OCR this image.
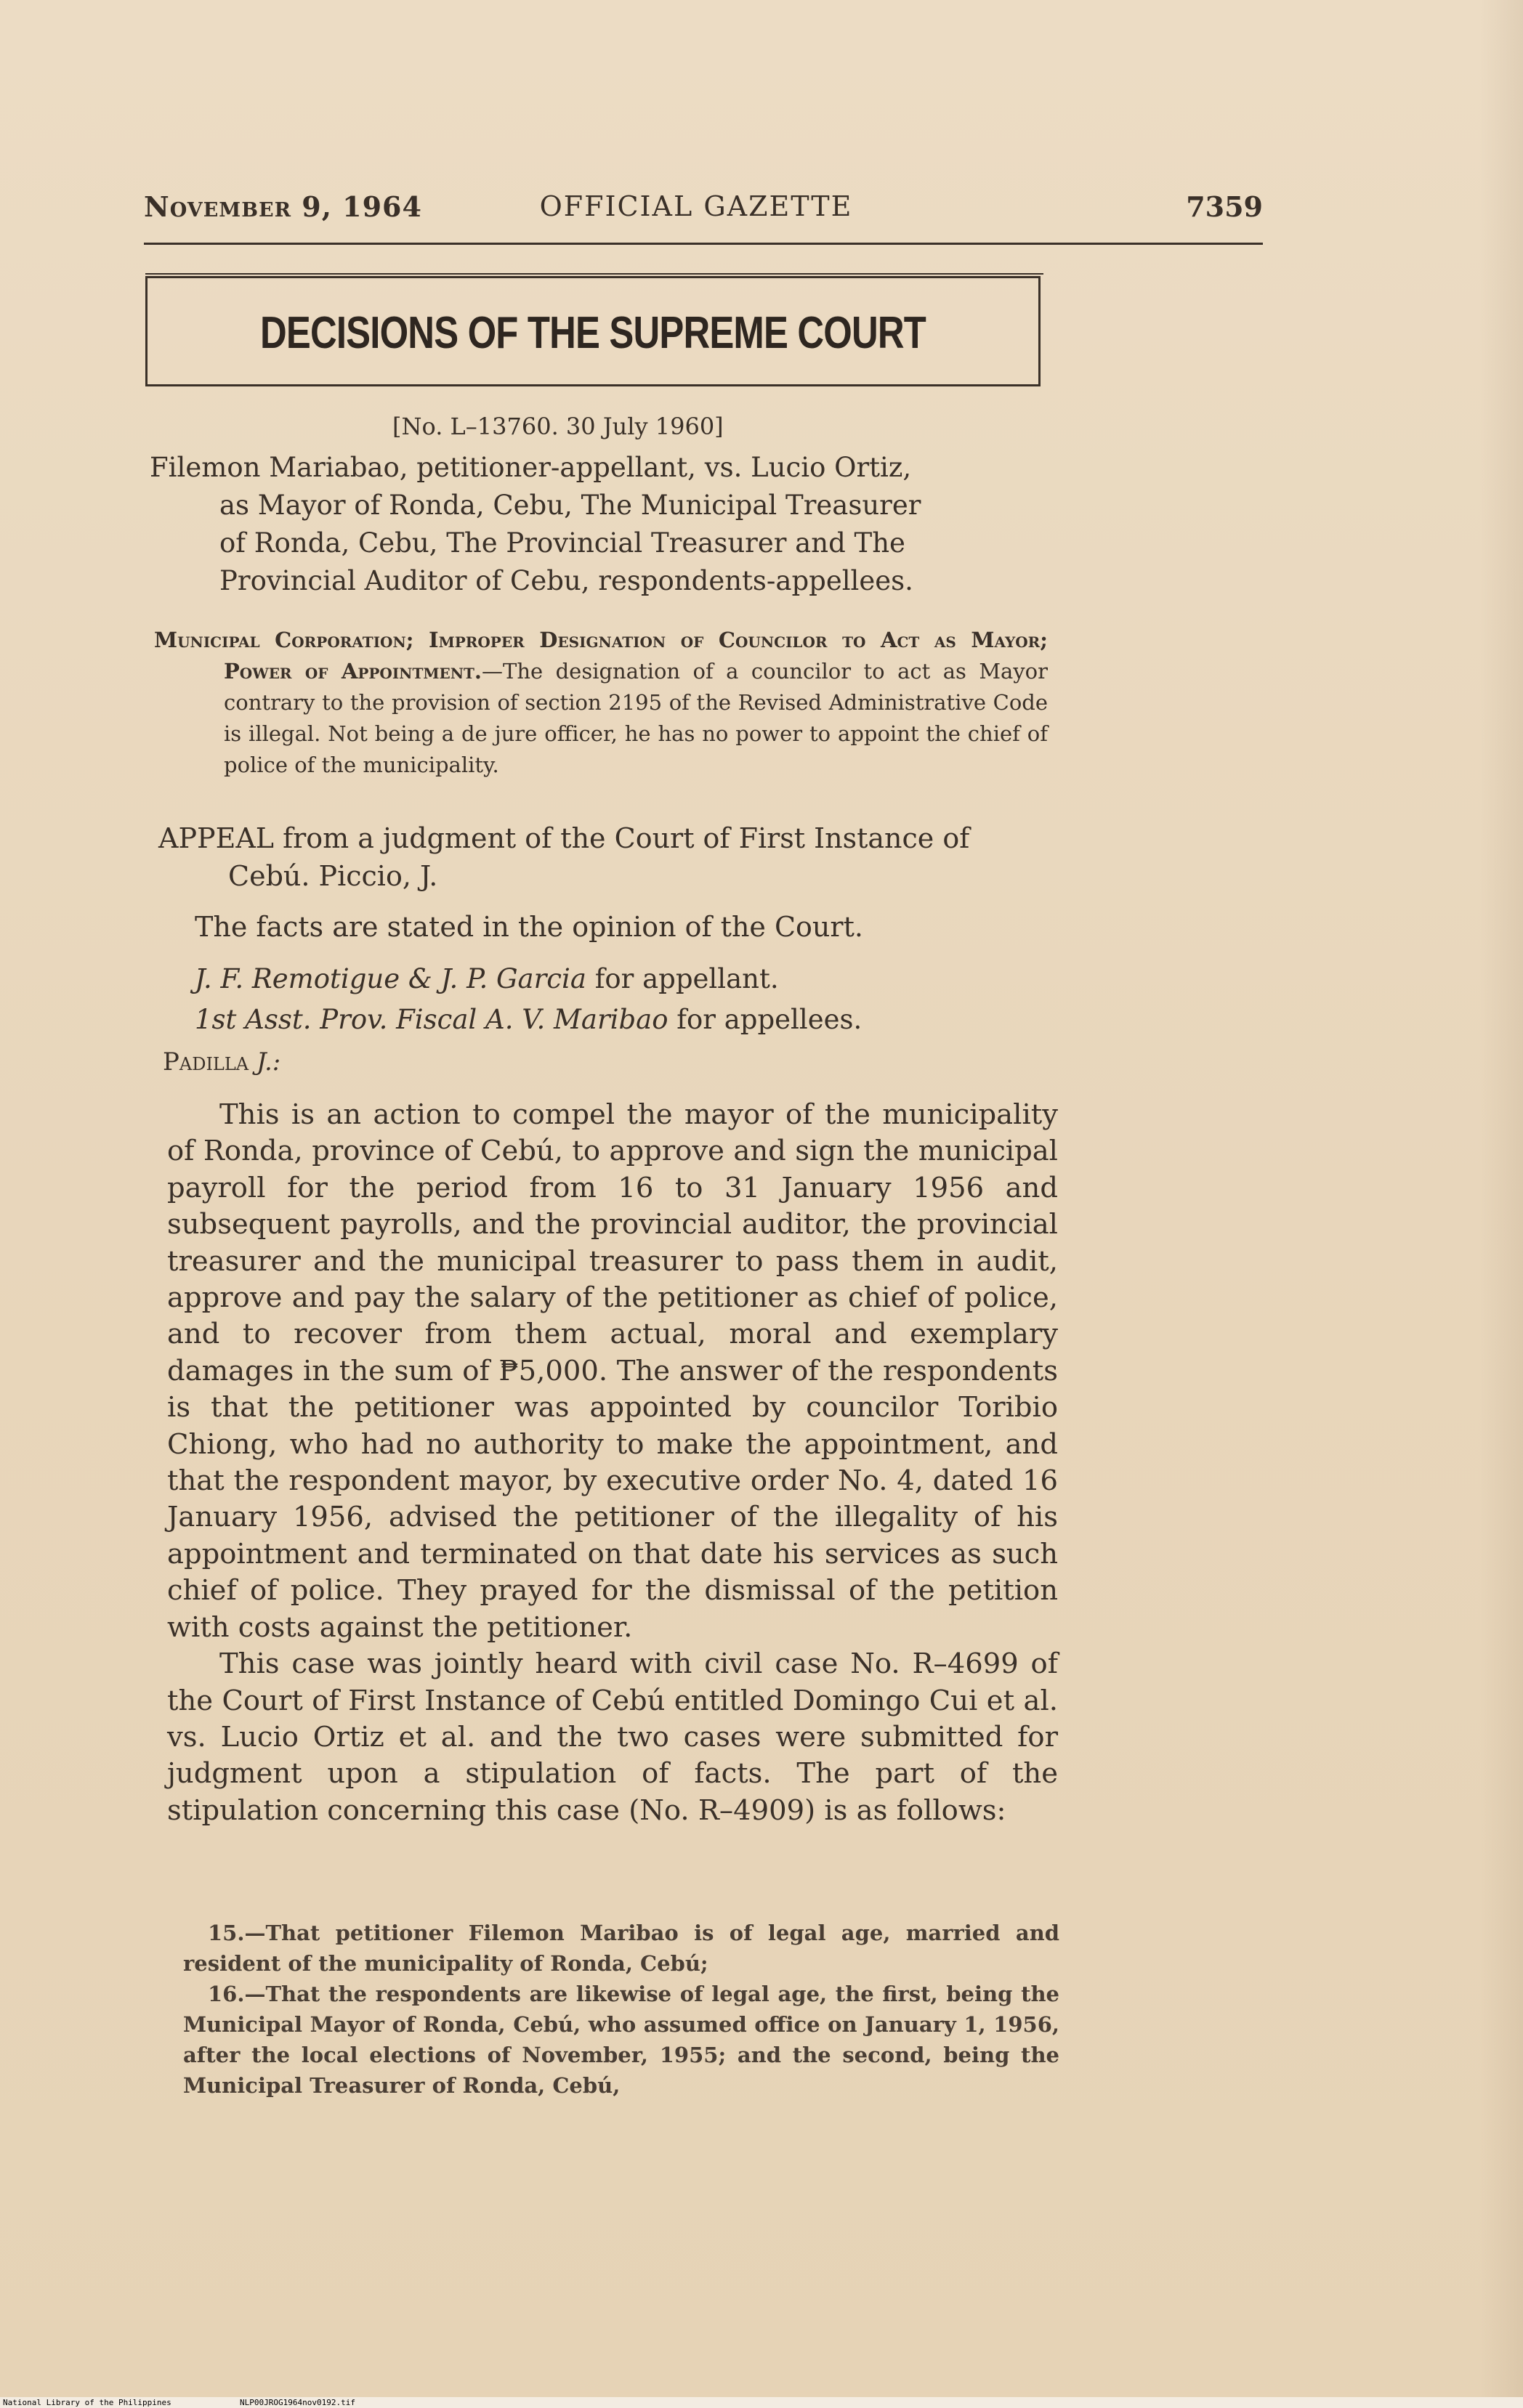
November 9, 1964	OFFICIAL GAZETTE	7359
DECISIONS OF THE SUPREME COURT
[No. L–13760. 30 July 1960]
Filemon Mariabao, petitioner-appellant, vs. Lucio Ortiz,
as Mayor of Ronda, Cebu, The Municipal Treasurer
of Ronda, Cebu, The Provincial Treasurer and The
Provincial Auditor of Cebu, respondents-appellees.
Municipal Corporation; Improper Designation of Councilor to Act as Mayor; Power of Appointment.—The designation of a councilor to act as Mayor contrary to the provision of section 2195 of the Revised Administrative Code is illegal. Not being a de jure officer, he has no power to appoint the chief of police of the municipality.
APPEAL from a judgment of the Court of First Instance of Cebú. Piccio, J.
The facts are stated in the opinion of the Court.
J. F. Remotigue & J. P. Garcia for appellant.
1st Asst. Prov. Fiscal A. V. Maribao for appellees.
Padilla J.:

This is an action to compel the mayor of the municipality of Ronda, province of Cebú, to approve and sign the municipal payroll for the period from 16 to 31 January 1956 and subsequent payrolls, and the provincial auditor, the provincial treasurer and the municipal treasurer to pass them in audit, approve and pay the salary of the petitioner as chief of police, and to recover from them actual, moral and exemplary damages in the sum of ₱5,000. The answer of the respondents is that the petitioner was appointed by councilor Toribio Chiong, who had no authority to make the appointment, and that the respondent mayor, by executive order No. 4, dated 16 January 1956, advised the petitioner of the illegality of his appointment and terminated on that date his services as such chief of police. They prayed for the dismissal of the petition with costs against the petitioner.

This case was jointly heard with civil case No. R–4699 of the Court of First Instance of Cebú entitled Domingo Cui et al. vs. Lucio Ortiz et al. and the two cases were submitted for judgment upon a stipulation of facts. The part of the stipulation concerning this case (No. R–4909) is as follows:

15.—That petitioner Filemon Maribao is of legal age, married and resident of the municipality of Ronda, Cebú;

16.—That the respondents are likewise of legal age, the first, being the Municipal Mayor of Ronda, Cebú, who assumed office on January 1, 1956, after the local elections of November, 1955; and the second, being the Municipal Treasurer of Ronda, Cebú,

National Library of the Philippines	NLP00JROG1964nov0192.tif
